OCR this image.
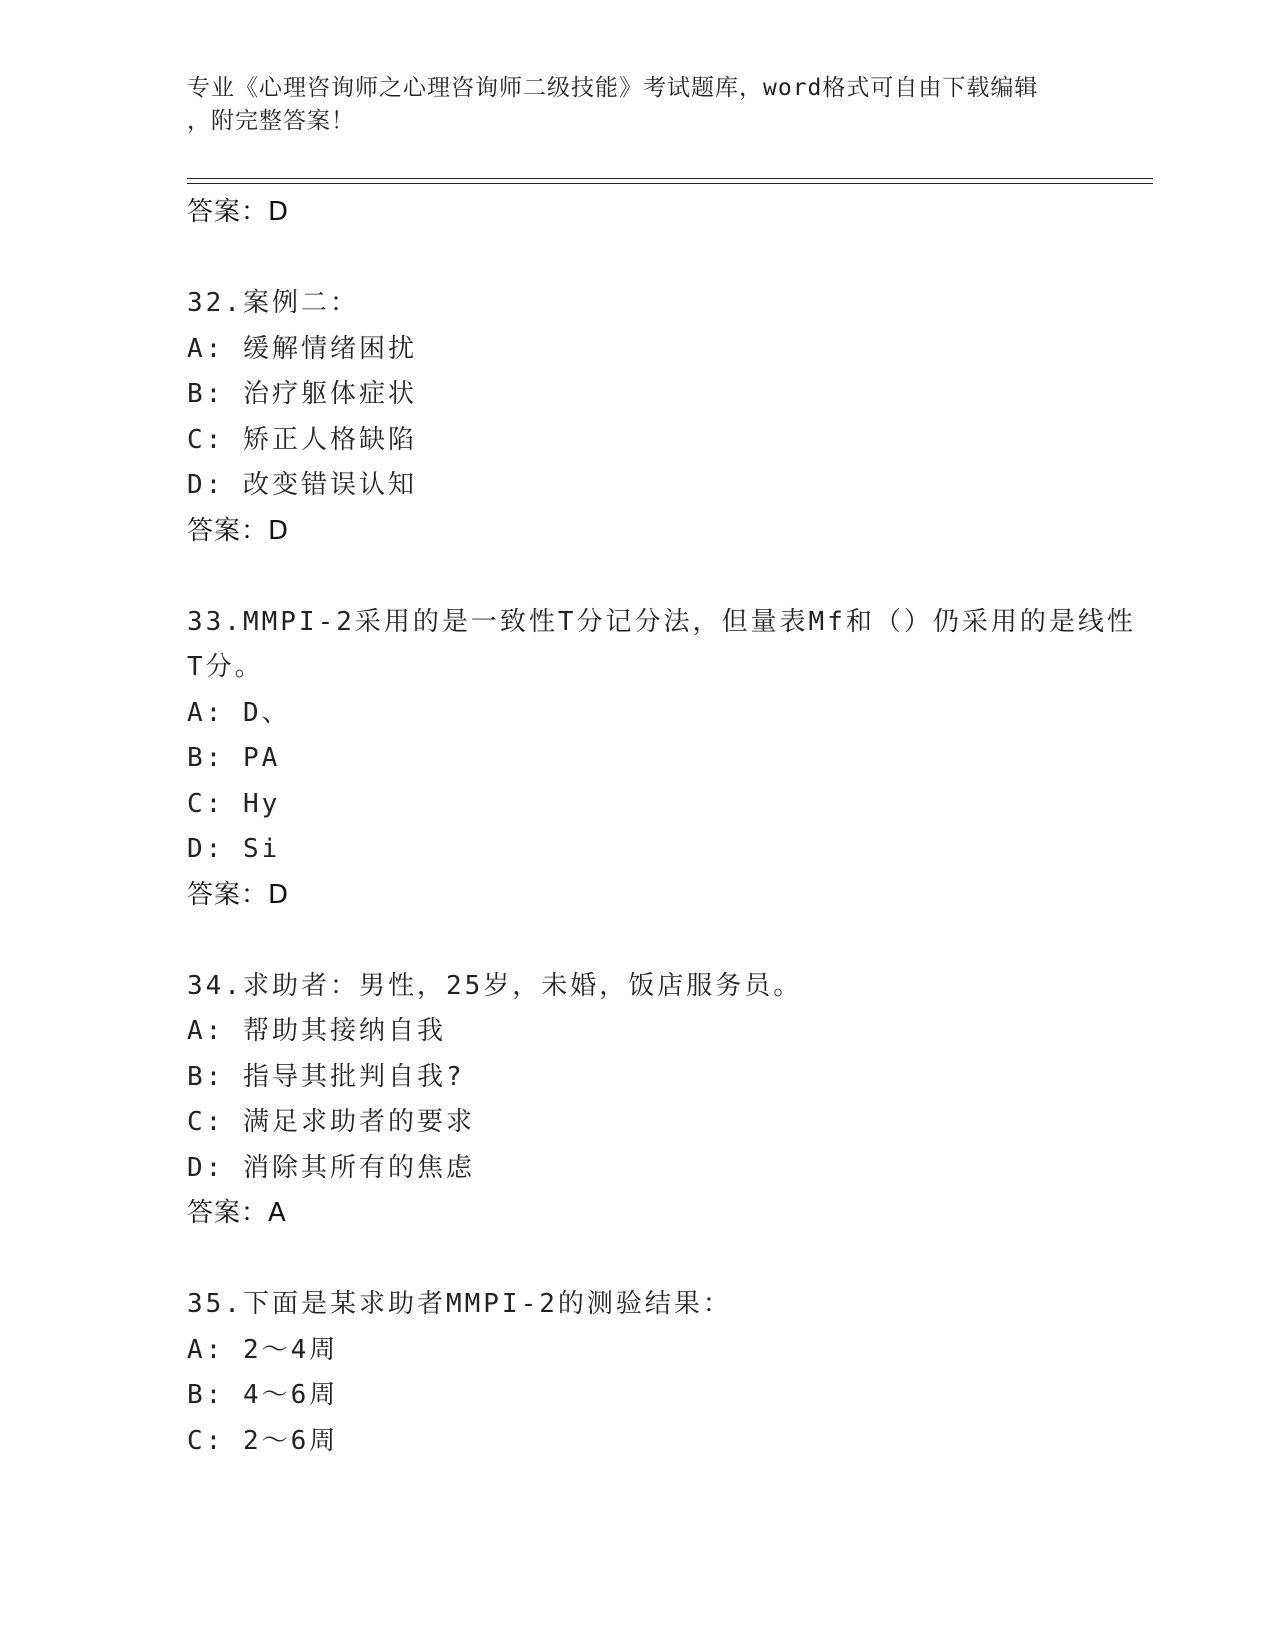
专业《心理咨询师之心理咨询师二级技能》考试题库，word格式可自由下载编辑
，附完整答案！
答案：D
32.案例二：
A: 缓解情绪困扰
B: 治疗躯体症状
C: 矫正人格缺陷
D: 改变错误认知
答案：D
33.MMPI-2采用的是一致性T分记分法，但量表Mf和（）仍采用的是线性T分。
A: D、
B: PA
C: Hy
D: Si
答案：D
34.求助者：男性，25岁，未婚，饭店服务员。
A: 帮助其接纳自我
B: 指导其批判自我?
C: 满足求助者的要求
D: 消除其所有的焦虑
答案：A
35.下面是某求助者MMPI-2的测验结果：
A: 2～4周
B: 4～6周
C: 2～6周
